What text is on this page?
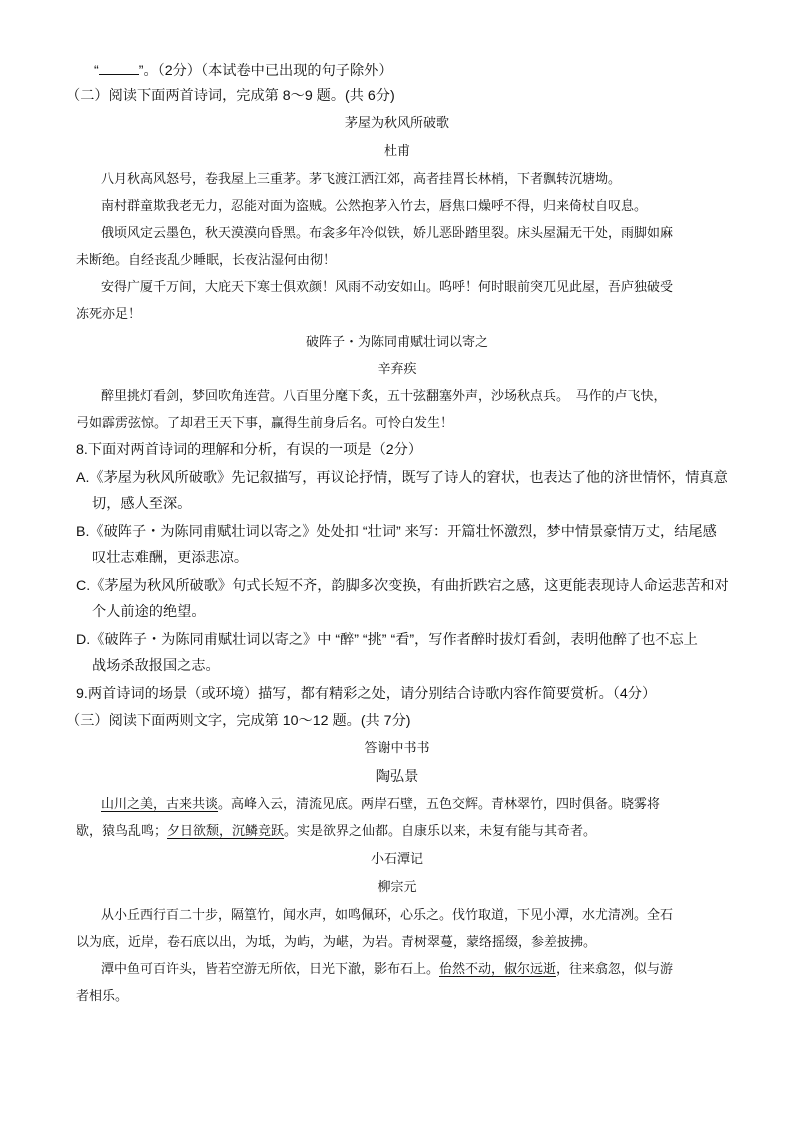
“	”。（2分）（本试卷中已出现的句子除外）
（二）阅读下面两首诗词，完成第 8～9 题。(共 6分)
茅屋为秋风所破歌
杜甫
八月秋高风怒号，卷我屋上三重茅。茅飞渡江洒江郊，高者挂罥长林梢，下者飘转沉塘坳。
南村群童欺我老无力，忍能对面为盗贼。公然抱茅入竹去，唇焦口燥呼不得，归来倚杖自叹息。
俄顷风定云墨色，秋天漠漠向昏黑。布衾多年冷似铁，娇儿恶卧踏里裂。床头屋漏无干处，雨脚如麻
未断绝。自经丧乱少睡眠，长夜沾湿何由彻！
安得广厦千万间，大庇天下寒士俱欢颜！风雨不动安如山。呜呼！何时眼前突兀见此屋，吾庐独破受
冻死亦足！
破阵子・为陈同甫赋壮词以寄之
辛弃疾
醉里挑灯看剑，梦回吹角连营。八百里分麾下炙，五十弦翻塞外声，沙场秋点兵。　马作的卢飞快，
弓如霹雳弦惊。了却君王天下事，赢得生前身后名。可怜白发生！
8.下面对两首诗词的理解和分析，有误的一项是（2分）
A.《茅屋为秋风所破歌》先记叙描写，再议论抒情，既写了诗人的窘状，也表达了他的济世情怀，情真意
切，感人至深。
B.《破阵子・为陈同甫赋壮词以寄之》处处扣 “壮词” 来写：开篇壮怀激烈，梦中情景豪情万丈，结尾感
叹壮志难酬，更添悲凉。
C.《茅屋为秋风所破歌》句式长短不齐，韵脚多次变换，有曲折跌宕之感，这更能表现诗人命运悲苦和对
个人前途的绝望。
D.《破阵子・为陈同甫赋壮词以寄之》中 “醉” “挑” “看”，写作者醉时拔灯看剑，表明他醉了也不忘上
战场杀敌报国之志。
9.两首诗词的场景（或环境）描写，都有精彩之处，请分别结合诗歌内容作简要赏析。（4分）
（三）阅读下面两则文字，完成第 10～12 题。(共 7分)
答谢中书书
陶弘景
山川之美，古来共谈。高峰入云，清流见底。两岸石壁，五色交辉。青林翠竹，四时俱备。晓雾将
歇，猿鸟乱鸣；夕日欲颓，沉鳞竞跃。实是欲界之仙都。自康乐以来，未复有能与其奇者。
小石潭记
柳宗元
从小丘西行百二十步，隔篁竹，闻水声，如鸣佩环，心乐之。伐竹取道，下见小潭，水尤清冽。全石
以为底，近岸，卷石底以出，为坻，为屿，为嵁，为岩。青树翠蔓，蒙络摇缀，参差披拂。
潭中鱼可百许头，皆若空游无所依，日光下澈，影布石上。佁然不动，俶尔远逝，往来翕忽，似与游
者相乐。
